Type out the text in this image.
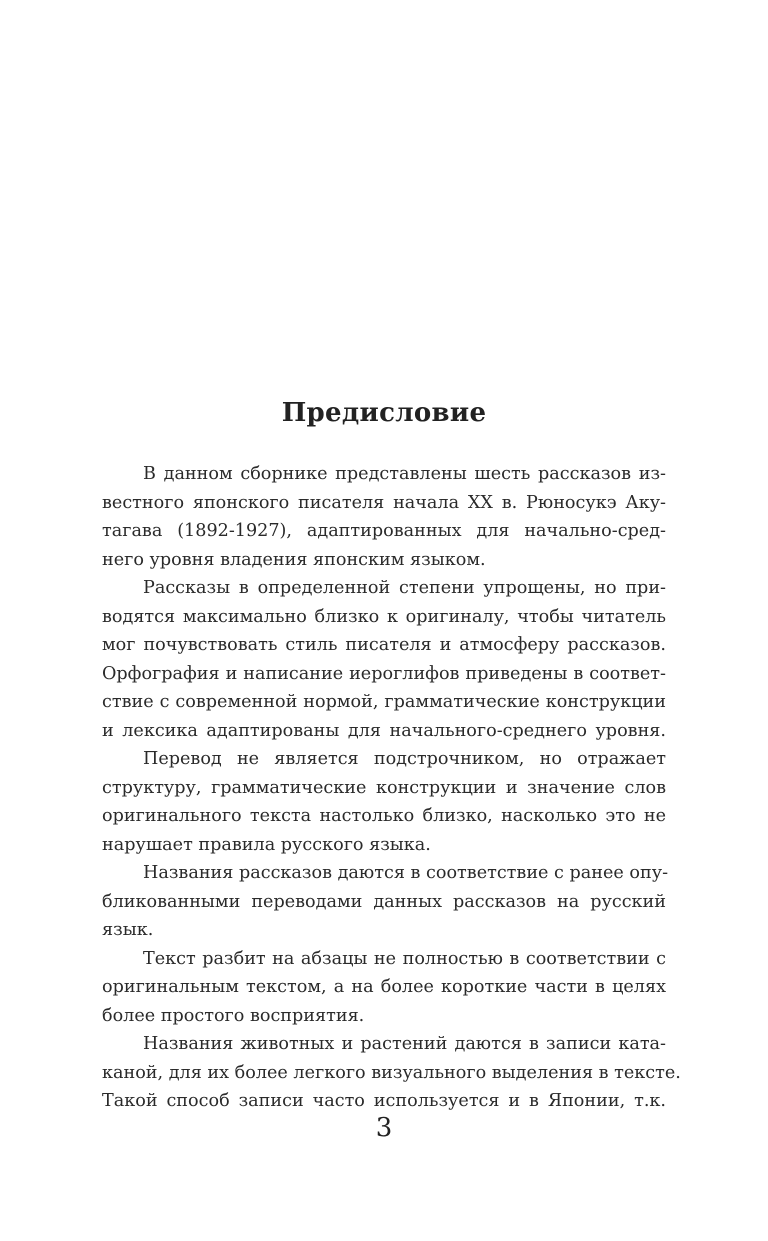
Предисловие
В данном сборнике представлены шесть рассказов из-
вестного японского писателя начала XX в. Рюносукэ Аку-
тагава (1892-1927), адаптированных для начально-сред-
него уровня владения японским языком.
Рассказы в определенной степени упрощены, но при-
водятся максимально близко к оригиналу, чтобы читатель
мог почувствовать стиль писателя и атмосферу рассказов.
Орфография и написание иероглифов приведены в соответ-
ствие с современной нормой, грамматические конструкции
и лексика адаптированы для начального-среднего уровня.
Перевод не является подстрочником, но отражает
структуру, грамматические конструкции и значение слов
оригинального текста настолько близко, насколько это не
нарушает правила русского языка.
Названия рассказов даются в соответствие с ранее опу-
бликованными переводами данных рассказов на русский
язык.
Текст разбит на абзацы не полностью в соответствии с
оригинальным текстом, а на более короткие части в целях
более простого восприятия.
Названия животных и растений даются в записи ката-
каной, для их более легкого визуального выделения в тексте.
Такой способ записи часто используется и в Японии, т.к.
3
